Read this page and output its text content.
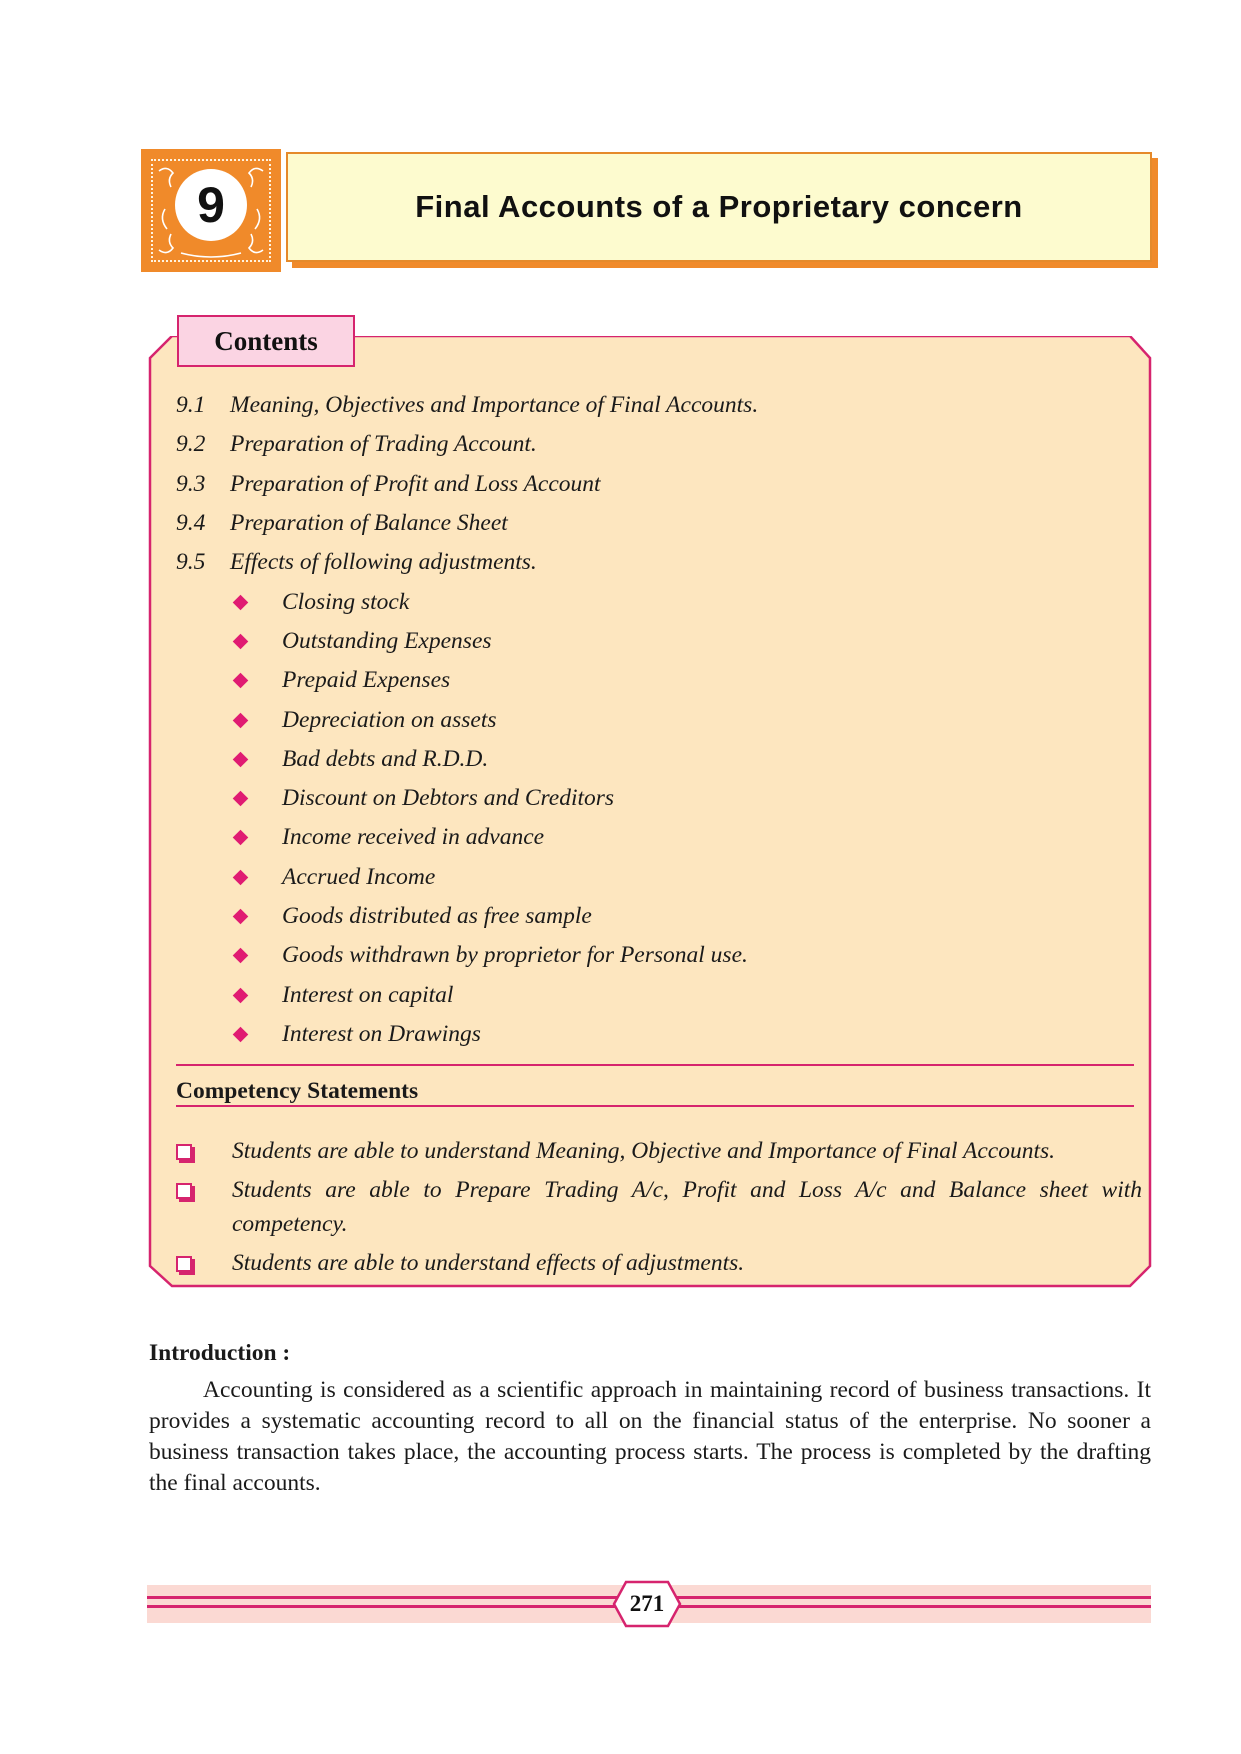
9	Final Accounts of a Proprietary concern
Contents
9.1	Meaning, Objectives and Importance of Final Accounts.
9.2	Preparation of Trading Account.
9.3	Preparation of Profit and Loss Account
9.4	Preparation of Balance Sheet
9.5	Effects of following adjustments.
Closing stock
Outstanding Expenses
Prepaid Expenses
Depreciation on assets
Bad debts and R.D.D.
Discount on Debtors and Creditors
Income received in advance
Accrued Income
Goods distributed as free sample
Goods withdrawn by proprietor for Personal use.
Interest on capital
Interest on Drawings
Competency Statements
Students are able to understand Meaning, Objective and Importance of Final Accounts.
Students are able to Prepare Trading A/c, Profit and Loss A/c and Balance sheet with competency.
Students are able to understand effects of adjustments.
Introduction :
Accounting is considered as a scientific approach in maintaining record of business transactions. It provides a systematic accounting record to all on the financial status of the enterprise. No sooner a business transaction takes place, the accounting process starts. The process is completed by the drafting the final accounts.
271
